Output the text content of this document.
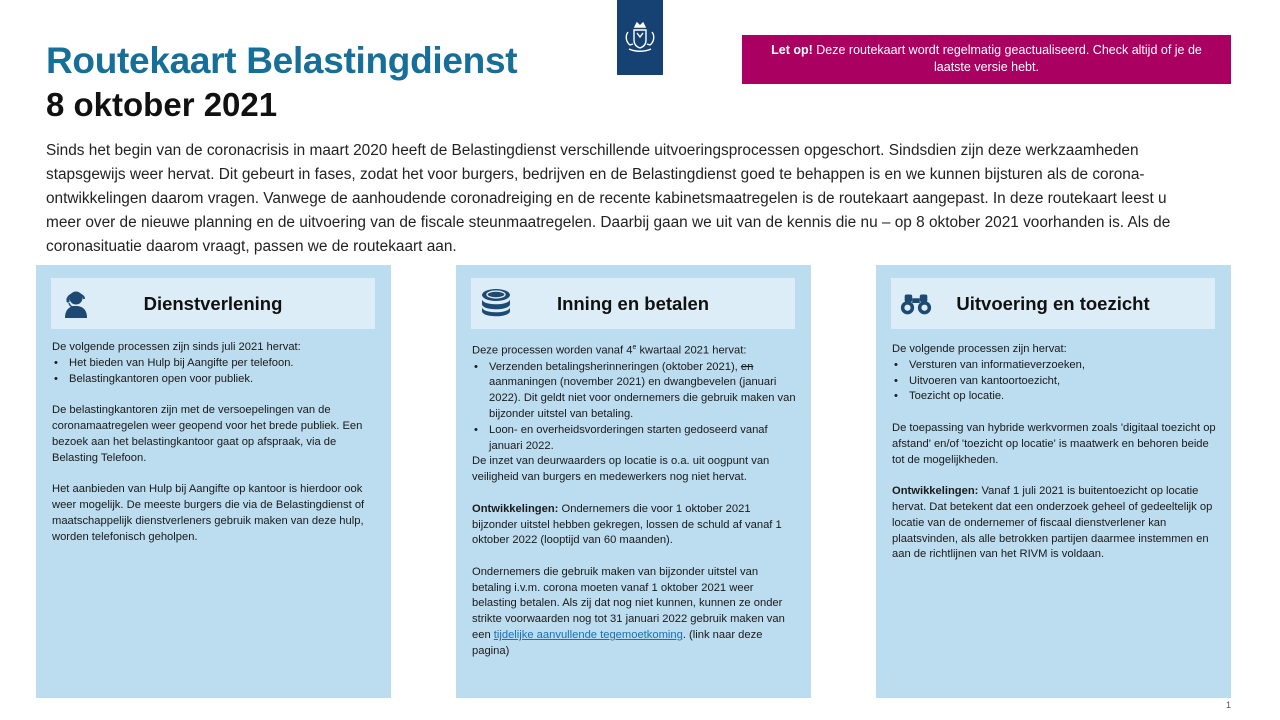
Routekaart Belastingdienst
8 oktober 2021
Let op! Deze routekaart wordt regelmatig geactualiseerd. Check altijd of je de laatste versie hebt.
Sinds het begin van de coronacrisis in maart 2020 heeft de Belastingdienst verschillende uitvoeringsprocessen opgeschort. Sindsdien zijn deze werkzaamheden stapsgewijs weer hervat. Dit gebeurt in fases, zodat het voor burgers, bedrijven en de Belastingdienst goed te behappen is en we kunnen bijsturen als de corona-ontwikkelingen daarom vragen. Vanwege de aanhoudende coronadreiging en de recente kabinetsmaatregelen is de routekaart aangepast. In deze routekaart leest u meer over de nieuwe planning en de uitvoering van de fiscale steunmaatregelen. Daarbij gaan we uit van de kennis die nu – op 8 oktober 2021 voorhanden is. Als de coronasituatie daarom vraagt, passen we de routekaart aan.
Dienstverlening

De volgende processen zijn sinds juli 2021 hervat:

• Het bieden van Hulp bij Aangifte per telefoon.
• Belastingkantoren open voor publiek.

De belastingkantoren zijn met de versoepelingen van de coronamaatregelen weer geopend voor het brede publiek. Een bezoek aan het belastingkantoor gaat op afspraak, via de Belasting Telefoon.

Het aanbieden van Hulp bij Aangifte op kantoor is hierdoor ook weer mogelijk. De meeste burgers die via de Belastingdienst of maatschappelijk dienstverleners gebruik maken van deze hulp, worden telefonisch geholpen.

Inning en betalen

Deze processen worden vanaf 4e kwartaal 2021 hervat:

• Verzenden betalingsherinneringen (oktober 2021), en aanmaningen (november 2021) en dwangbevelen (januari 2022). Dit geldt niet voor ondernemers die gebruik maken van bijzonder uitstel van betaling.
• Loon- en overheidsvorderingen starten gedoseerd vanaf januari 2022.

De inzet van deurwaarders op locatie is o.a. uit oogpunt van veiligheid van burgers en medewerkers nog niet hervat.

Ontwikkelingen: Ondernemers die voor 1 oktober 2021 bijzonder uitstel hebben gekregen, lossen de schuld af vanaf 1 oktober 2022 (looptijd van 60 maanden).

Ondernemers die gebruik maken van bijzonder uitstel van betaling i.v.m. corona moeten vanaf 1 oktober 2021 weer belasting betalen. Als zij dat nog niet kunnen, kunnen ze onder strikte voorwaarden nog tot 31 januari 2022 gebruik maken van een tijdelijke aanvullende tegemoetkoming. (link naar deze pagina)

Uitvoering en toezicht

De volgende processen zijn hervat:

• Versturen van informatieverzoeken,
• Uitvoeren van kantoortoezicht,
• Toezicht op locatie.

De toepassing van hybride werkvormen zoals 'digitaal toezicht op afstand' en/of 'toezicht op locatie' is maatwerk en behoren beide tot de mogelijkheden.

Ontwikkelingen: Vanaf 1 juli 2021 is buitentoezicht op locatie hervat. Dat betekent dat een onderzoek geheel of gedeeltelijk op locatie van de ondernemer of fiscaal dienstverlener kan plaatsvinden, als alle betrokken partijen daarmee instemmen en aan de richtlijnen van het RIVM is voldaan.

1
